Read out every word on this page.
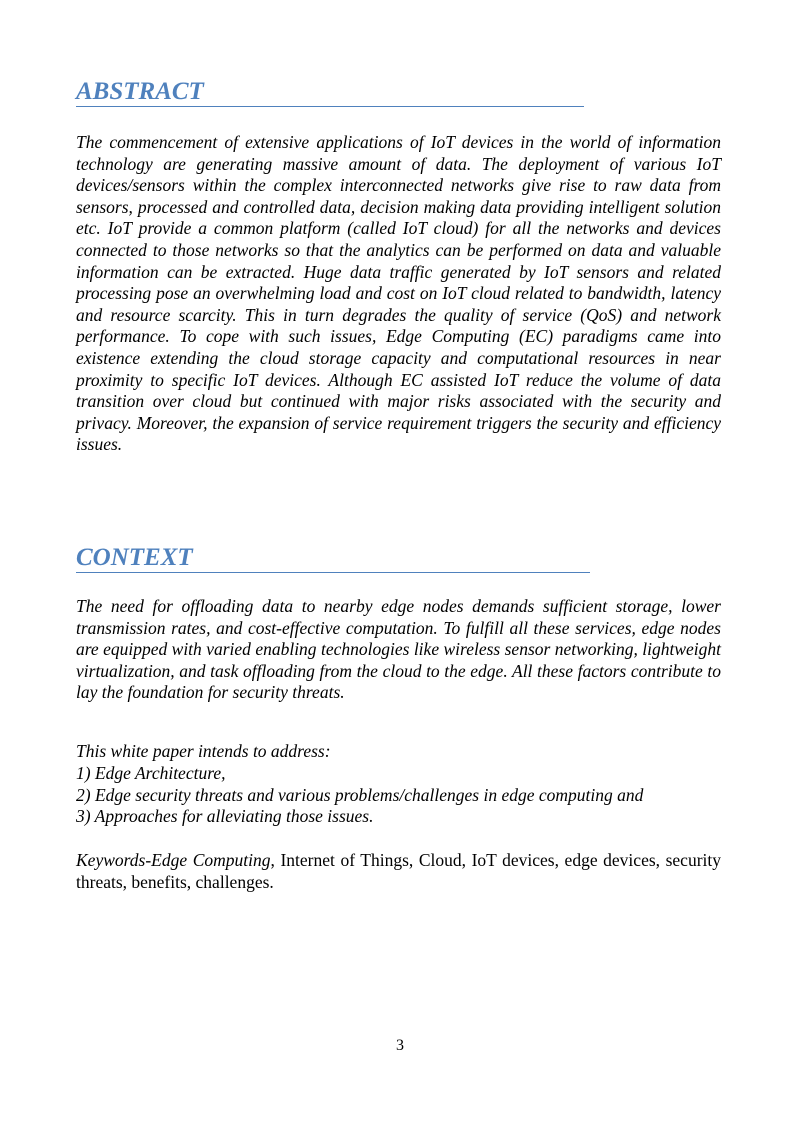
ABSTRACT

The commencement of extensive applications of IoT devices in the world of information technology are generating massive amount of data. The deployment of various IoT devices/sensors within the complex interconnected networks give rise to raw data from sensors, processed and controlled data, decision making data providing intelligent solution etc. IoT provide a common platform (called IoT cloud) for all the networks and devices connected to those networks so that the analytics can be performed on data and valuable information can be extracted. Huge data traffic generated by IoT sensors and related processing pose an overwhelming load and cost on IoT cloud related to bandwidth, latency and resource scarcity. This in turn degrades the quality of service (QoS) and network performance. To cope with such issues, Edge Computing (EC) paradigms came into existence extending the cloud storage capacity and computational resources in near proximity to specific IoT devices. Although EC assisted IoT reduce the volume of data transition over cloud but continued with major risks associated with the security and privacy. Moreover, the expansion of service requirement triggers the security and efficiency issues.

CONTEXT

The need for offloading data to nearby edge nodes demands sufficient storage, lower transmission rates, and cost-effective computation. To fulfill all these services, edge nodes are equipped with varied enabling technologies like wireless sensor networking, lightweight virtualization, and task offloading from the cloud to the edge. All these factors contribute to lay the foundation for security threats.

This white paper intends to address:

1) Edge Architecture,

2) Edge security threats and various problems/challenges in edge computing and

3) Approaches for alleviating those issues.

Keywords-Edge Computing, Internet of Things, Cloud, IoT devices, edge devices, security threats, benefits, challenges.

3
